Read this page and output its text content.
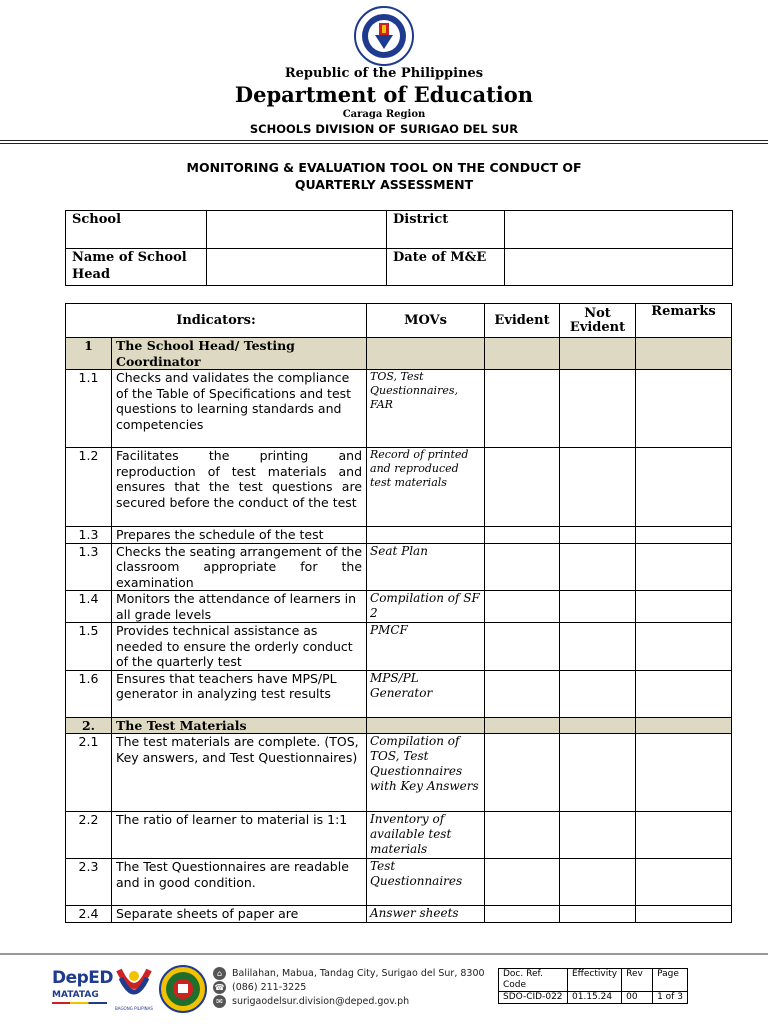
Republic of the Philippines
Department of Education
Caraga Region
SCHOOLS DIVISION OF SURIGAO DEL SUR
MONITORING & EVALUATION TOOL ON THE CONDUCT OF
QUARTERLY ASSESSMENT
School		District	
Name of School Head		Date of M&E	
Indicators:		MOVs	Evident	Not Evident	Remarks
1	The School Head/ Testing Coordinator				
1.1	Checks and validates the compliance of the Table of Specifications and test questions to learning standards and competencies	TOS, Test Questionnaires, FAR			
1.2	Facilitates the printing and reproduction of test materials and ensures that the test questions are secured before the conduct of the test	Record of printed and reproduced test materials			
1.3	Prepares the schedule of the test				
1.3	Checks the seating arrangement of the classroom appropriate for the examination	Seat Plan			
1.4	Monitors the attendance of learners in all grade levels	Compilation of SF 2			
1.5	Provides technical assistance as needed to ensure the orderly conduct of the quarterly test	PMCF			
1.6	Ensures that teachers have MPS/PL generator in analyzing test results	MPS/PL Generator			
2.	The Test Materials				
2.1	The test materials are complete. (TOS, Key answers, and Test Questionnaires)	Compilation of TOS, Test Questionnaires with Key Answers			
2.2	The ratio of learner to material is 1:1	Inventory of available test materials			
2.3	The Test Questionnaires are readable and in good condition.	Test Questionnaires			
2.4	Separate sheets of paper are	Answer sheets			
DepED
MATATAG
BAGONG PILIPINAS
⌂ Balilahan, Mabua, Tandag City, Surigao del Sur, 8300
☎ (086) 211-3225
✉ surigaodelsur.division@deped.gov.ph
Doc. Ref. Code	Effectivity	Rev	Page
SDO-CID-022	01.15.24	00	1 of 3
